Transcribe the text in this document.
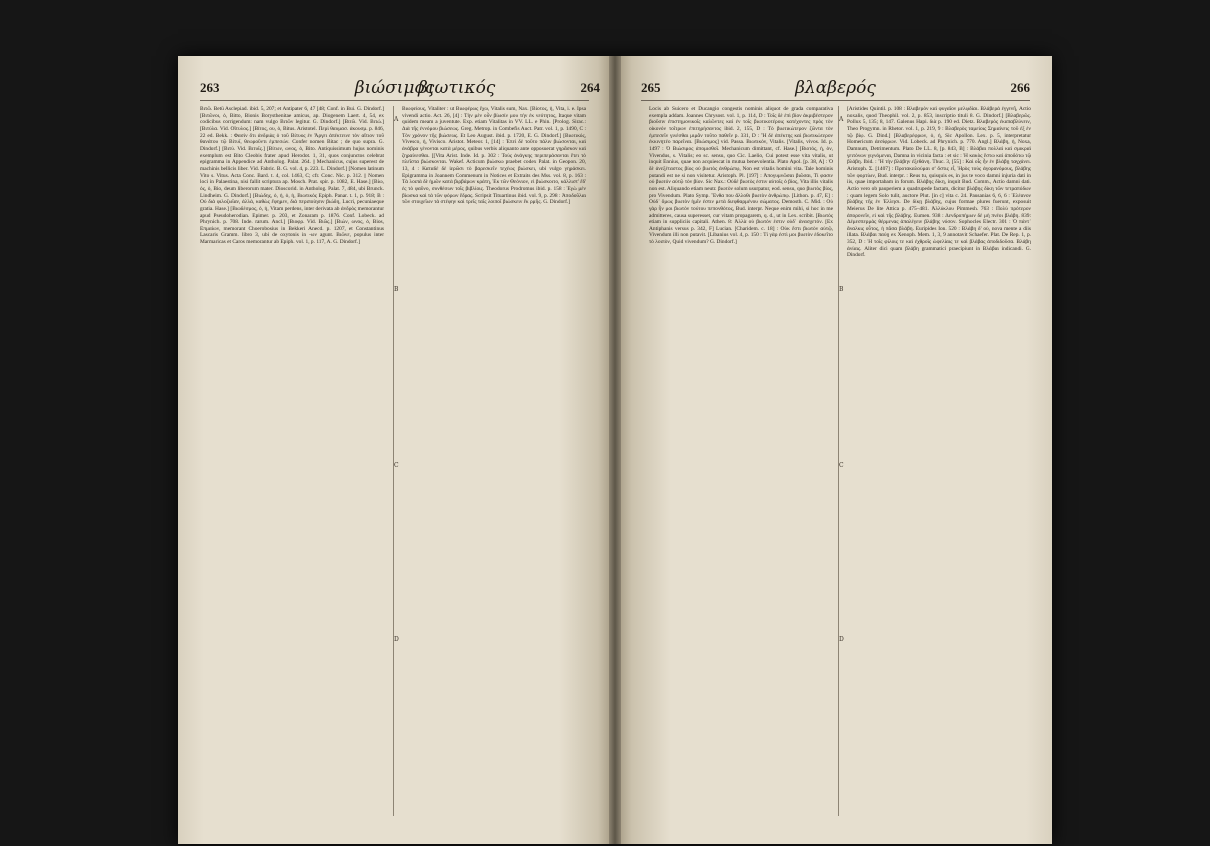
263	βιώσιμος

Βιτῶ. Betü Asclepiad. ibid. 5, 207; et Antipater 6, 47 [48; Conf. in Bui. G. Dindorf.] [Βιτῶνοι, ὁ, Bitto, Bionis Borysthenitae amicus, ap. Diogenem Laert. 4, 54, ex codicibus corrigendum: nam vulgo Βιτῶν legitur. G. Dindorf.] [Βιτῶ. Vid. Βιτώ.] [Βιτύλα. Vid. Οἴτυλος.] [Βίτος, ου, ὁ, Bitus. Aristotel. Περὶ θαυμασ. ἀκουσμ. p. 846, 22 ed. Bekk. : Φασὶν ὅτι ἀνδριὰς ὁ τοῦ Βίτυος ἐν Ἄργει ἀπέκτεινε τὸν αἴτιον τοῦ θανάτου τῷ Βίτυϊ, θεωροῦντι ἐμπεσών. Confer nomen Bitac ; de quo supra. G. Dindorf.] [Βιτύ. Vid. Βιτυΐς.] [Βίτων, ωνος, ὁ, Bito. Antiquissimum hujus nominis exemplum est Bito Cleobis frater apud Herodot. 1, 31, quos conjunctos celebrat epigramma in Appendice ad Antholog. Palat. 264. || Mechanicus, cujus superest de machinis bellicis liber. Vid. Fabric. B. G. vol. 4, p. 223. L. Dindorf.] [Nomen latinum Vito s. Vitus. Acta Conc. Bard. t. 4, col. 1463, C; cfr. Conc. Nic. p. 312. || Nomen loci in Palaestina, nisi fallit scriptura ap. Mosch. Prat. spir. p. 1082, E. Hase.] [Βίω, ὁς, ὁ, Bio, deum liberorum mater. Dioscorid. in Antholog. Palat. 7, 484, ubi Brunck. Lindheim. G. Dindorf.] [Βιώδης, ὁ, ἡ, ὁ, ἡ, Βιωτικός Epiph. Panar. t. 1, p. 918; B : Οὐ διὰ φιλοζωΐαν, ἀλλὰ, καθὼς ἔφημεν, διὰ περιποίησιν βιώδη, Lucri, pecuniaeque gratia. Hase.] [Βιωδέσμος, ὁ, ἡ, Vitam perdens, inter derivata ab ἀνδρὸς memorantur apud Pseudoherodian. Epimer. p. 203, et Zonaram p. 1876. Conf. Lobeck. ad Phrynich. p. 708. Inde. rarum. Ancl.] [Βιοφρ. Vid. Βιῶς.] [Βιών, ωνος, ὁ, Bios, Επμαίων, memorant Choerobosius in Bekkeri Anecd. p. 1207, et Constantinus Lascaris Gramm. libro 3, ubi de oxytonis in -ων agunt. Βιῶνε, populus inter Marmaricas et Caros memorantur ab Epiph. vol. 1, p. 117, A. G. Dindorf.]

A
B
C
D

Βιωφείους, Vitaliter : ut Βιωφέρως ἔχω, Vitalis sum, Nax. [Βίοτος, ἡ, Vita, i. e. Ipsa vivendi actio. Act. 26, [4] : Τὴν μὲν οὖν βίωσίν μου τὴν ἐκ νεότητος, Itaque vitam quidem meam a juventute. Exp. etiam Vitalitas in VV. LL. e Phin. [Prolog. Sirac.: Διὰ τῆς ἐννόμου βιώσεως. Greg. Metrop. in Combefis Auct. Patr. vol. 1, p. 1490, C : Τὸν χρόνον τῆς βιώσεως. Et Leo August. ibid. p. 1720, E. G. Dindorf.] [Βιωτικός, Vivesco, ἡ, Vivisco. Aristot. Meteor. 1, [14] : Ἐπεὶ δὲ τοῦτο πάλιν βιώσονται, καὶ ἀνάβρα γένονται κατὰ μέρος, quibus verbis aliquanto ante opposuerat γηρᾶσκον καὶ ζηραίνεσθαι. [[Vita Arist. Inde. Id. p. 302 : Τοὺς ἀνάγκης περιπεράσανται ἔτει τὸ πλεῖστα βιώσκονται. Wakef. Acticum βιώσκω praebet codex Palat. in Geopon. 20, 13, 4 : Καταδὲ δὲ ἱερῶσι τὸ βαρεσκεῖν τεχέως βιώσκει, ubi vulgo γηράσκει. Epigramma in Joannem Commenum in Notices et Extraits des Mss. vol. 8, p. 163 : Τὰ λοιπὰ δὲ ἡμῶν κατὰ βιρβάρων κράτη, Ἐκ τῶν Θεόνιον, εἰ βιώσκοιτο, κάλλιστ' ἔδ' ἐς τὸ φαῦνο, συνθέσων τοῖς βιβλίοις. Theodorus Prodromus ibid. p. 158 : Ἐγὼ μὲν βίωσκα καὶ τὰ τῶν φόρων ἔδρας. Scripsit Tituartinus ibid. vol. 9, p. 298 : Ἀποδοῦλαι τῶν στοιχεῖων τὰ στέφην καὶ τρεῖς ταῖς λοιποῖ βιώσκειν ἔκ ρμῆς. G. Dindorf.]

265	βλαβερός	266

Locis ab Suicero et Ducangio congestis nominis aliquot de grada comparativa exempla addam. Joannes Chrysost. vol. 1, p. 114, D : Τοῖς δὲ ἐπὶ βίον ἀκριβέστερον βιοῦσιν ἐπιστημονικοῖς καλῶντες καὶ ἐν τοῖς βιωτικοτέροις κατέχοντες πρὸς τὸν οἰκονόν τοῖτρων ἐπιτηρήσαντος ibid. 2, 155, D : Τὸ βιωτικώτερον ζῶντα τὸν ἐμπεσεῖν γινέσθαι μιμᾶν τοῦτο παθεῖν p. 331, D : Ἢ δὲ ἀπέκτης καὶ βιωτικώτερον ἐκκινητέο παρεῖναι. [Βιώσιμος] vid. Passa. Βιωτικόν, Vitalis. [Vitalis, vivos. Id. p. 1497 : Ὁ Βιώσιμος ἀπομισθοῖ. Mechanicum dimittant, cf. Hase.] [Βιοτός, ἡ, ὁν, Vivendus, s. Vitalis; eo sc. sensu, quo Cic. Laelio, Cui potest esse vita vitalis, ut inquit Ennius, quae non acquiescat in mutua benevolentia. Plato Apol. [p. 38, A] : Ὁ δὲ ἀνεξέταστος βίος οὐ βιωτὸς ἀνθρώπῳ, Non est vitalis homini vita. Tale hominis putandi est ne si non visitetur. Aristoph. Pl. [197] : Ἀπογυμνῶσαι βιῶσαι, Τί φασιν οὐ βιωτόν αὐτῷ τὸν βίον. Sic Nax.: Οὐδὲ βιωτὸς ἐστιν αὐτοῖς ὁ βίος, Vita illis vitalis non est. Aliquando etiam neutr. βιωτὸν solum usurpatur, eod. sensu, quo βιωτὸς βίος, pro Vivendum. Plato Symp. Ἔνθα που ἄλλοθι βιωτὸν ἀνθρώπῳ. [Lithon. p. 47, E] : Οὐδ᾽ ὅμως βιωτὸν ἡμῖν ἐστιν μετὰ διεφθαρμένου σώματος. Demosth. C. Mid. : Οὐ γὰρ ἦν μοι βιωτὸν τούτου πεπονθότος, Bud. interpr. Neque enim mihi, si hoc in me admitteres, causa superesset, cur vitam propagarem, q. d., ut in Lex. scribit. [Βιωτὸς etiam in suppliciis capitali. Athen. 8: Ἀλλὰ οὐ βιωτόν ἐστιν οὐδ᾽ ἀνασχετόν. [Ex Antiphanis versus p. 342, F] Lucian. [Charidem. c. 18] : Οὐκ ἔστι βιωτὸν αὐτῷ, Vivendum illi non putavit. [Libanius vol. 4, p. 150 : Τί γὰρ ἐστὶ μοι βιωτὸν ἐδοκεῖτο τὸ λοιπὸν, Quid vivendum? G. Dindorf.]

A
B
C
D

[Aristides Quintil. p. 108 : Βλαβερὸν καὶ φυγαῖον μελῳδίαι. Βλάβερά ἐγγενῆ, Actio noxalis, quod Theophil. vol. 2, p. 853, inscriptio tituli 8. G. Dindorf.] [Βλαβερῶς. Pollux 5, 135; 8, 147. Galenus Hapi. διὰ p. 190 ed. Dietz. Βλαβερὸς ἐκαπαβλύνειν, Theo Progymn. in Rhetor. vol. 1, p. 219, 9 : Βλαβερὸς ταμείοις Σημαίνεις τοῦ ἐξ ἐν τῷ βίῳ. G. Dind.] [Βλαβερέφρων, ὁ, ἡ, Sic Apollon. Lex. p. 5, interpretatur Homericum ἀεσίφρων. Vid. Lobeck. ad Phrynich. p. 770. Angl.] Βλάβη, ἡ, Noxa, Damnum, Detrimentum. Plato De LL. 8, [p. 843, B] : Βλάβαι πολλαὶ καὶ σμικραὶ γειτόνων γιγνόμεναι, Damna in vicinia facta : et sic : Ἡ κακὸς ἔστω καὶ ἀποδότω τῷ βλάβη. Ibid. : Ἢ τὴν βλάβην ἐξεθάνη. Thuc. 3, [55] : Καὶ οἷς ἦν ἐν βλάβῃ ταγχάνει. Aristoph. Σ. [1407] : Προτακαλούμαι σ' ὅστις εἶ, Ἡρὸς τοὺς ἀγορανόμους, βλάβης τῶν φορτίων, Bud. interpr. : Reus tu, quisquis es, in jus te voco damni injuria dati in iis, quae importabam in forum. Βλάβης δίκη, inquit Bud. Comm., Actio damni dati. Actio vero ob pauperiem a quadrupede factam, dicitur βλάβης δίκη τῶν τετραπόδων : quam legem Solo tulit, auctore Plut. [in c] vita c. 24. Pausanias 6, 6, 6 : Ἐλέανον βλάβης τῆς ἐν Ἑλλησι. De δίκῃ βλάβης, cujus formae plures fuerunt, exposuit Meierus De lite Attica p. 475–481. Ἀλλύκλου Pimmesh. 763 : Πολὺ πρότερον ἀπορονεῖν, εἰ καὶ τῆς βλάβης. Eumen. 938 : Δενδροπήμων δὲ μὴ πνέοι βλάβη. 839: Δέμεσπερμὰς θέρμενας ἀπαλέγειν βλάβης νόσον. Sophocles Electr. 301 : Ὁ πάντ᾽ ἄναλκις οὗτος, ἡ πᾶσα βλάβη. Euripides Ion. 520 : Βλάβη δ' οὐ, nova mente a diis illata. Βλάβαι παύῃ ex Xenoph. Mem. 1, 3, 9 annotavit Schaefer. Plat. De Rep. 1, p. 352, D : Ἡ τοῖς φίλοις τε καὶ ἐχθροῖς ὠφελίαις τε καὶ βλάβας ἀποδιδοῦσα. Βλάβη ἀνίαις. Aliter dici quam βλάβη grammatici praecipiunt in Βλάβαι indicandi. G. Dindorf.

βιωτικός	264
